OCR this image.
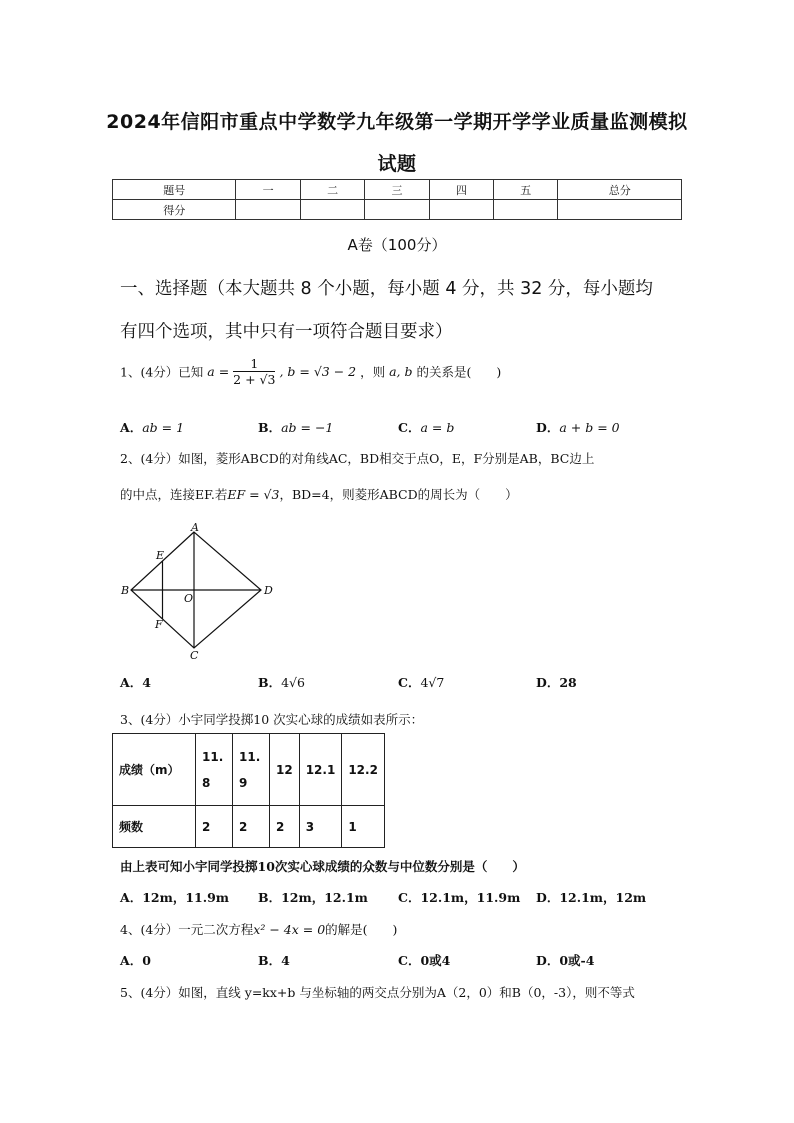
2024年信阳市重点中学数学九年级第一学期开学学业质量监测模拟
试题
题号	一	二	三	四	五	总分
得分						
A卷（100分）
一、选择题（本大题共 8 个小题，每小题 4 分，共 32 分，每小题均
有四个选项，其中只有一项符合题目要求）
1、(4分）已知 $a = \frac{1}{2 + √3}$ , b = √3 − 2 ，则 a, b 的关系是(　　)
A．ab = 1	B．ab = −1	C．a = b	D．a + b = 0
2、(4分）如图，菱形ABCD的对角线AC，BD相交于点O，E，F分别是AB，BC边上
的中点，连接EF.若EF = √3，BD=4，则菱形ABCD的周长为（　　）
A
B
C
D
E
F
O
A．4	B．4√6	C．4√7	D．28
3、(4分）小宇同学投掷10 次实心球的成绩如表所示：
成绩（m）	11.
8	11.
9	12	12.1	12.2
频数	2	2	2	3	1
由上表可知小宇同学投掷10次实心球成绩的众数与中位数分别是（　　）
A．12m，11.9m B．12m，12.1m C．12.1m，11.9m D．12.1m，12m
4、(4分）一元二次方程x² − 4x = 0的解是(　　)
A．0	B．4	C．0或4	D．0或-4
5、(4分）如图，直线 y=kx+b 与坐标轴的两交点分别为A（2，0）和B（0，-3），则不等式
